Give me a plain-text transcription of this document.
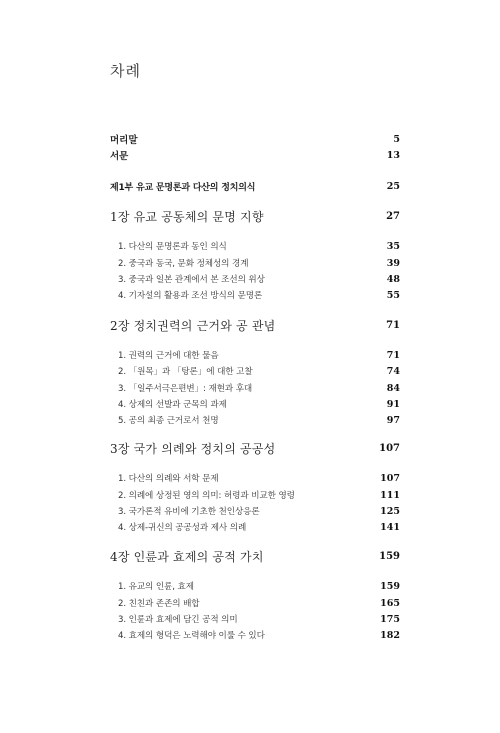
차례
머리말	5
서문	13
제1부 유교 문명론과 다산의 정치의식	25
1장 유교 공동체의 문명 지향	27
1. 다산의 문명론과 동인 의식	35
2. 중국과 동국, 문화 정체성의 경계	39
3. 중국과 일본 관계에서 본 조선의 위상	48
4. 기자설의 활용과 조선 방식의 문명론	55
2장 정치권력의 근거와 공 관념	71
1. 권력의 근거에 대한 물음	71
2. 「원목」과 「탕론」에 대한 고찰	74
3. 「일주서극은편변」: 재현과 후대	84
4. 상제의 선발과 군목의 과제	91
5. 공의 최종 근거로서 천명	97
3장 국가 의례와 정치의 공공성	107
1. 다산의 의례와 서학 문제	107
2. 의례에 상정된 영의 의미: 허령과 비교한 영령	111
3. 국가론적 유비에 기초한 천인상응론	125
4. 상제-귀신의 공공성과 제사 의례	141
4장 인륜과 효제의 공적 가치	159
1. 유교의 인륜, 효제	159
2. 친친과 존존의 배합	165
3. 인륜과 효제에 담긴 공적 의미	175
4. 효제의 형덕은 노력해야 이룰 수 있다	182
